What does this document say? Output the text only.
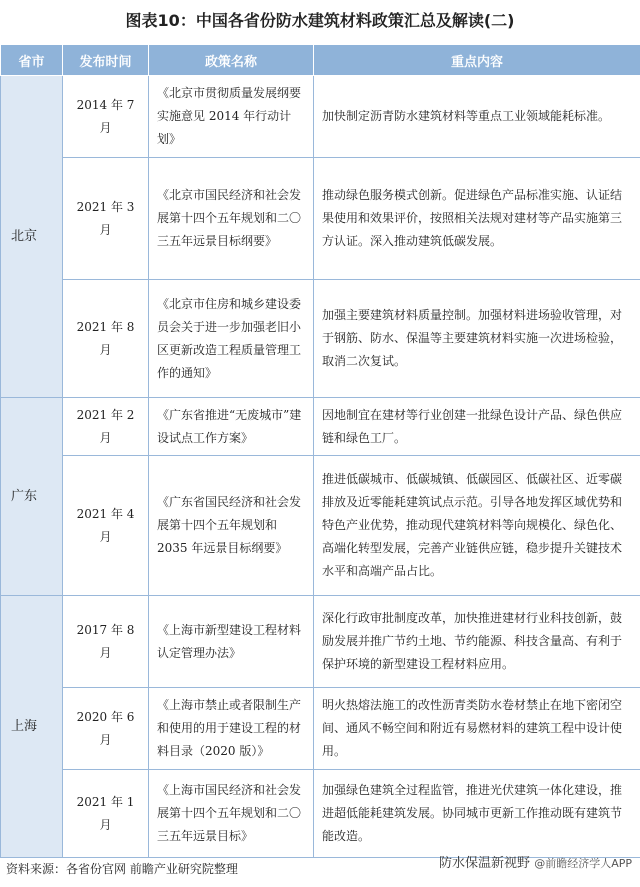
图表10：中国各省份防水建筑材料政策汇总及解读(二)
省市	发布时间	政策名称	重点内容
北京	2014 年 7 月	《北京市贯彻质量发展纲要实施意见 2014 年行动计划》	加快制定沥青防水建筑材料等重点工业领域能耗标准。
	2021 年 3 月	《北京市国民经济和社会发展第十四个五年规划和二〇三五年远景目标纲要》	推动绿色服务模式创新。促进绿色产品标准实施、认证结果使用和效果评价，按照相关法规对建材等产品实施第三方认证。深入推动建筑低碳发展。
	2021 年 8 月	《北京市住房和城乡建设委员会关于进一步加强老旧小区更新改造工程质量管理工作的通知》	加强主要建筑材料质量控制。加强材料进场验收管理，对于钢筋、防水、保温等主要建筑材料实施一次进场检验，取消二次复试。
广东	2021 年 2 月	《广东省推进“无废城市”建设试点工作方案》	因地制宜在建材等行业创建一批绿色设计产品、绿色供应链和绿色工厂。
	2021 年 4 月	《广东省国民经济和社会发展第十四个五年规划和2035 年远景目标纲要》	推进低碳城市、低碳城镇、低碳园区、低碳社区、近零碳排放及近零能耗建筑试点示范。引导各地发挥区域优势和特色产业优势，推动现代建筑材料等向规模化、绿色化、高端化转型发展，完善产业链供应链，稳步提升关键技术水平和高端产品占比。
上海	2017 年 8 月	《上海市新型建设工程材料认定管理办法》	深化行政审批制度改革，加快推进建材行业科技创新，鼓励发展并推广节约土地、节约能源、科技含量高、有利于保护环境的新型建设工程材料应用。
	2020 年 6 月	《上海市禁止或者限制生产和使用的用于建设工程的材料目录（2020 版）》	明火热熔法施工的改性沥青类防水卷材禁止在地下密闭空间、通风不畅空间和附近有易燃材料的建筑工程中设计使用。
	2021 年 1 月	《上海市国民经济和社会发展第十四个五年规划和二〇三五年远景目标》	加强绿色建筑全过程监管，推进光伏建筑一体化建设，推进超低能耗建筑发展。协同城市更新工作推动既有建筑节能改造。
资料来源：各省份官网 前瞻产业研究院整理	防水保温新视野 @前瞻经济学人APP
